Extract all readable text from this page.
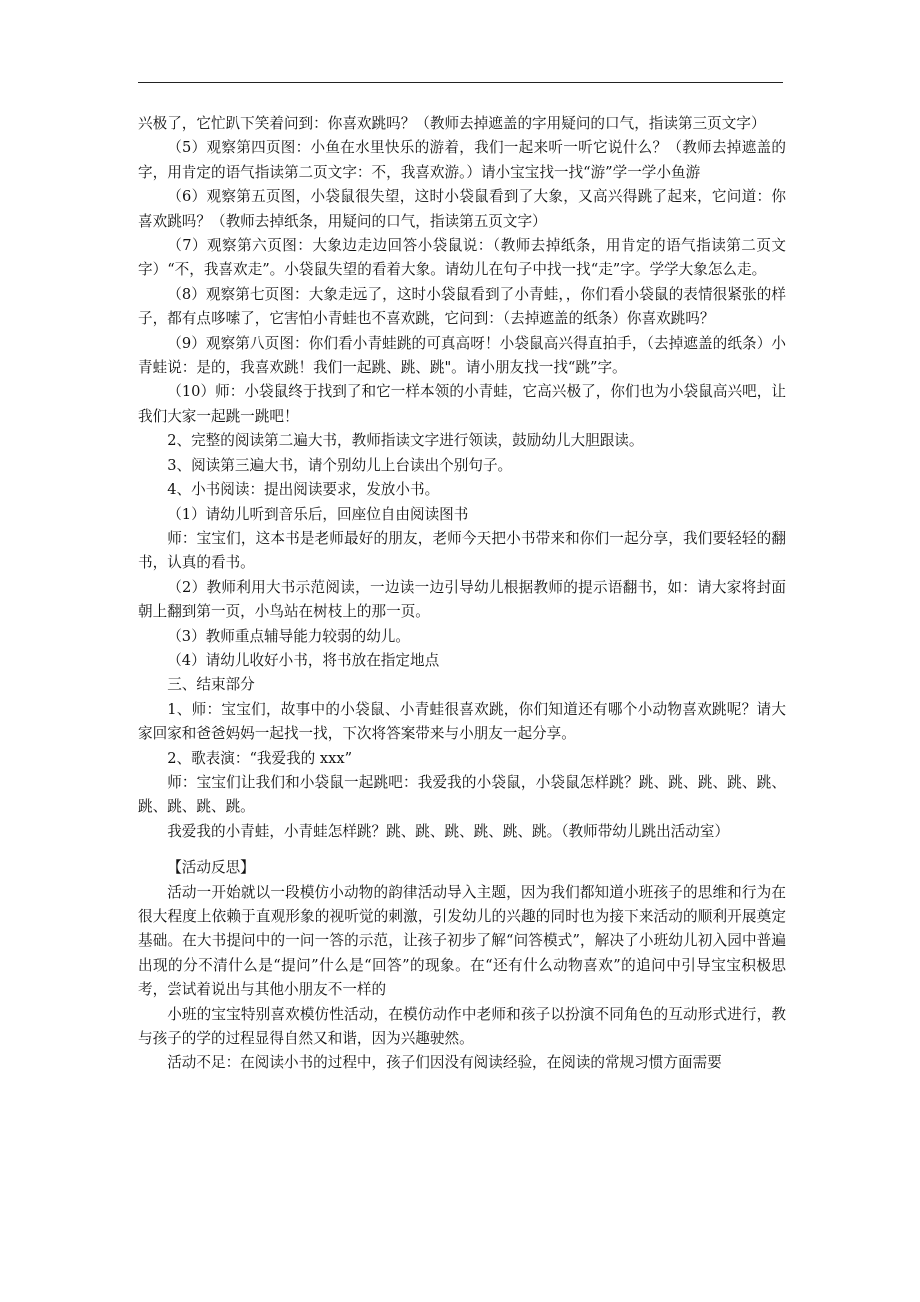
兴极了，它忙趴下笑着问到：你喜欢跳吗？（教师去掉遮盖的字用疑问的口气，指读第三页文字）

（5）观察第四页图：小鱼在水里快乐的游着，我们一起来听一听它说什么？（教师去掉遮盖的字，用肯定的语气指读第二页文字：不，我喜欢游。）请小宝宝找一找“游”学一学小鱼游

（6）观察第五页图，小袋鼠很失望，这时小袋鼠看到了大象，又高兴得跳了起来，它问道：你喜欢跳吗？（教师去掉纸条，用疑问的口气，指读第五页文字）

（7）观察第六页图：大象边走边回答小袋鼠说：（教师去掉纸条，用肯定的语气指读第二页文字）“不，我喜欢走”。小袋鼠失望的看着大象。请幼儿在句子中找一找“走”字。学学大象怎么走。

（8）观察第七页图：大象走远了，这时小袋鼠看到了小青蛙，，你们看小袋鼠的表情很紧张的样子，都有点哆嗦了，它害怕小青蛙也不喜欢跳，它问到：（去掉遮盖的纸条）你喜欢跳吗？

（9）观察第八页图：你们看小青蛙跳的可真高呀！小袋鼠高兴得直拍手，（去掉遮盖的纸条）小青蛙说：是的，我喜欢跳！我们一起跳、跳、跳"。请小朋友找一找“跳”字。

（10）师：小袋鼠终于找到了和它一样本领的小青蛙，它高兴极了，你们也为小袋鼠高兴吧，让我们大家一起跳一跳吧！

2、完整的阅读第二遍大书，教师指读文字进行领读，鼓励幼儿大胆跟读。

3、阅读第三遍大书，请个别幼儿上台读出个别句子。

4、小书阅读：提出阅读要求，发放小书。

（1）请幼儿听到音乐后，回座位自由阅读图书

师：宝宝们，这本书是老师最好的朋友，老师今天把小书带来和你们一起分享，我们要轻轻的翻书，认真的看书。

（2）教师利用大书示范阅读，一边读一边引导幼儿根据教师的提示语翻书，如：请大家将封面朝上翻到第一页，小鸟站在树枝上的那一页。

（3）教师重点辅导能力较弱的幼儿。

（4）请幼儿收好小书，将书放在指定地点

三、结束部分

1、师：宝宝们，故事中的小袋鼠、小青蛙很喜欢跳，你们知道还有哪个小动物喜欢跳呢？请大家回家和爸爸妈妈一起找一找，下次将答案带来与小朋友一起分享。

2、歌表演：“我爱我的 xxx”

师：宝宝们让我们和小袋鼠一起跳吧：我爱我的小袋鼠，小袋鼠怎样跳？跳、跳、跳、跳、跳、跳、跳、跳、跳。

我爱我的小青蛙，小青蛙怎样跳？跳、跳、跳、跳、跳、跳。（教师带幼儿跳出活动室）

【活动反思】

活动一开始就以一段模仿小动物的韵律活动导入主题，因为我们都知道小班孩子的思维和行为在很大程度上依赖于直观形象的视听觉的刺激，引发幼儿的兴趣的同时也为接下来活动的顺利开展奠定基础。在大书提问中的一问一答的示范，让孩子初步了解“问答模式”，解决了小班幼儿初入园中普遍出现的分不清什么是“提问”什么是“回答”的现象。在“还有什么动物喜欢”的追问中引导宝宝积极思考，尝试着说出与其他小朋友不一样的

小班的宝宝特别喜欢模仿性活动，在模仿动作中老师和孩子以扮演不同角色的互动形式进行，教与孩子的学的过程显得自然又和谐，因为兴趣驶然。

活动不足：在阅读小书的过程中，孩子们因没有阅读经验，在阅读的常规习惯方面需要
